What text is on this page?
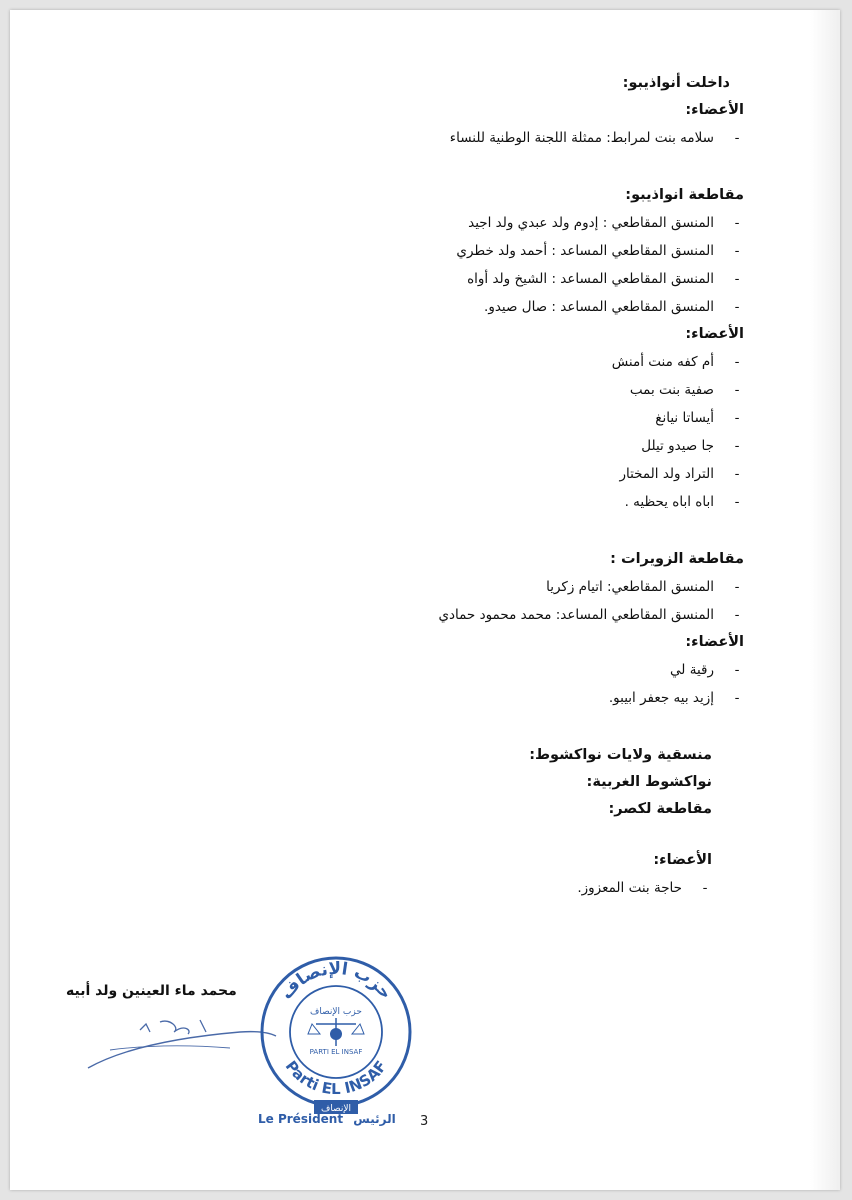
داخلت أنواذيبو:

الأعضاء:

-
سلامه بنت لمرابط: ممثلة اللجنة الوطنية للنساء

مقاطعة انواذيبو:

-
المنسق المقاطعي : إدوم ولد عبدي ولد اجيد
-
المنسق المقاطعي المساعد : أحمد ولد خطري
-
المنسق المقاطعي المساعد : الشيخ ولد أواه
-
المنسق المقاطعي المساعد : صال صيدو.

الأعضاء:

-
أم كفه منت أمنش
-
صفية بنت بمب
-
أيساتا نيانغ
-
جا صيدو تيلل
-
التراد ولد المختار
-
اباه اباه يحظيه .

مقاطعة الزويرات :

-
المنسق المقاطعي: اتيام زكريا
-
المنسق المقاطعي المساعد: محمد محمود حمادي

الأعضاء:

-
رقية لي
-
إزيد بيه جعفر ابيبو.

منسقية ولايات نواكشوط:

نواكشوط الغربية:

مقاطعة لكصر:

الأعضاء:

-
حاجة بنت المعزوز.
محمد ماء العينين ولد أبيه حزب الإنصاف
Parti EL INSAF
حزب الإنصاف
PARTI EL INSAF
الإنصاف
Le Président الرئيس 3
